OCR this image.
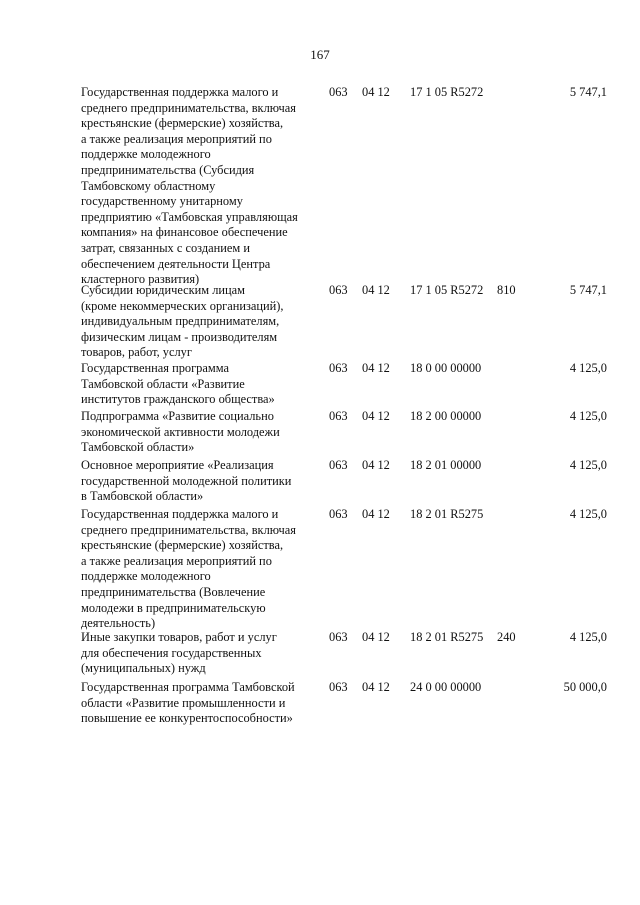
167
Государственная поддержка малого и
среднего предпринимательства, включая
крестьянские (фермерские) хозяйства,
а также реализация мероприятий по
поддержке молодежного
предпринимательства (Субсидия
Тамбовскому областному
государственному унитарному
предприятию «Тамбовская управляющая
компания» на финансовое обеспечение
затрат, связанных с созданием и
обеспечением деятельности Центра
кластерного развития)
063 04 12 17 1 05 R5272	5 747,1
Субсидии юридическим лицам
(кроме некоммерческих организаций),
индивидуальным предпринимателям,
физическим лицам - производителям
товаров, работ, услуг
063 04 12 17 1 05 R5272 810	5 747,1
Государственная программа
Тамбовской области «Развитие
институтов гражданского общества»
063 04 12 18 0 00 00000	4 125,0
Подпрограмма «Развитие социально
экономической активности молодежи
Тамбовской области»
063 04 12 18 2 00 00000	4 125,0
Основное мероприятие «Реализация
государственной молодежной политики
в Тамбовской области»
063 04 12 18 2 01 00000	4 125,0
Государственная поддержка малого и
среднего предпринимательства, включая
крестьянские (фермерские) хозяйства,
а также реализация мероприятий по
поддержке молодежного
предпринимательства (Вовлечение
молодежи в предпринимательскую
деятельность)
063 04 12 18 2 01 R5275	4 125,0
Иные закупки товаров, работ и услуг
для обеспечения государственных
(муниципальных) нужд
063 04 12 18 2 01 R5275 240	4 125,0
Государственная программа Тамбовской
области «Развитие промышленности и
повышение ее конкурентоспособности»
063 04 12 24 0 00 00000	50 000,0
